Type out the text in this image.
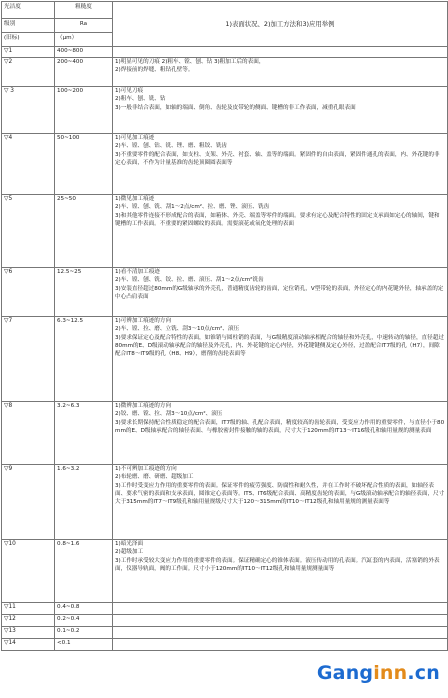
光洁度	粗糙度	1)表面状况、2)加工方法和3)应用举例
级别	Ra	
(旧标)	（μm）	
▽1	400~800	
▽2	200~400	1)明显可见的刀痕 2)粗车、镗、刨、钻 3)粗加工后的表面，
2)焊接前的焊缝、粗钻孔壁等。

▽ 3	100~200	1)可见刀痕
2)粗车、刨、铣、钻
3)一般非结合表面，如轴的端面、倒角、齿轮及皮带轮的侧面、键槽的非工作表面，减重孔眼表面

▽4	50~100	1)可见加工痕迹
2)车、镗、刨、钻、铣、锉、磨、粗铰、铣齿
3)不重要零件的配合表面，如支柱、支架、外壳、衬套、轴、盖等的端面。紧固件的自由表面，紧固件通孔的表面，内、外花键的非定心表面，不作为计量基准的齿轮顶圈圆表面等

▽5	25~50	1)微见加工痕迹
2)车、镗、刨、铣、刮1～2点/cm²、拉、磨、锉、滚压、铣齿
3)和其他零件连接不形成配合的表面，如箱体、外壳、端盖等零件的端面。要求有定心及配合特性的固定支承面如定心的轴间，键和键槽的工作表面。不重要的紧固螺纹的表面。需要滚花或氧化处理的表面

▽6	12.5~25	1)看不清加工痕迹
2)车、镗、刨、铣、铰、拉、磨、滚压、刮1～2点/cm²铣齿
3)安装直径超过80mm的G级轴承的外壳孔，普通精度齿轮的齿面，定位销孔，V型带轮的表面，外径定心的内花键外径，轴承盖的定中心凸肩表面

▽7	6.3~12.5	1)可辨加工痕迹的方向
2)车、镗、拉、磨、立铣、刮3～10点/cm²、滚压
3)要求保证定心及配合特性的表面，如锥销与圆柱销的表面，与G级精度滚动轴承相配合的轴径和外壳孔，中速转动的轴径，直径超过80mm的E、D级滚动轴承配合的轴径及外壳孔，内、外花键的定心内径，外花键键侧及定心外径，过盈配合IT7级的孔（H7），间隙配合IT8～IT9级的孔（H8、H9），磨削的齿轮表面等

▽8	3.2~6.3	1)微辨加工痕迹的方向
2)铰、磨、镗、拉、刮3～10点/cm²、滚压
3)要求长期保持配合性质稳定的配合表面，IT7级的轴、孔配合表面，精度较高的齿轮表面，受变应力作用的重要零件，与直径小于80mm的E、D级轴承配合的轴径表面、与橡胶密封件接触的轴的表面，尺寸大于120mm的IT13～IT16级孔和轴用量规的测量表面

▽9	1.6~3.2	1)不可辨加工痕迹的方向
2)布轮磨、磨、研磨、超级加工
3)工作时受变应力作用的重要零件的表面。保证零件的疲劳强度、防腐性和耐久性，并在工作时不破坏配合性质的表面，如轴径表面、要求气密的表面和支承表面，圆锥定心表面等。IT5、IT6级配合表面、高精度齿轮的表面，与G级滚动轴承配合的轴径表面，尺寸大于315mm的IT7～IT9级孔和轴用量规级尺寸大于120～315mm的IT10～IT12级孔和轴用量规的测量表面等

▽10	0.8~1.6	1)暗光泽面
2)超级加工
3)工作时承受较大变应力作用的重要零件的表面。保证精确定心的锥体表面。液压传动用的孔表面。汽缸套的内表面，活塞销的外表面，仪器导轨面，阀的工作面。尺寸小于120mm的IT10～IT12级孔和轴用量规测量面等

▽11	0.4~0.8	
▽12	0.2~0.4	
▽13	0.1~0.2	
▽14	<0.1	
Ganginn.cn
